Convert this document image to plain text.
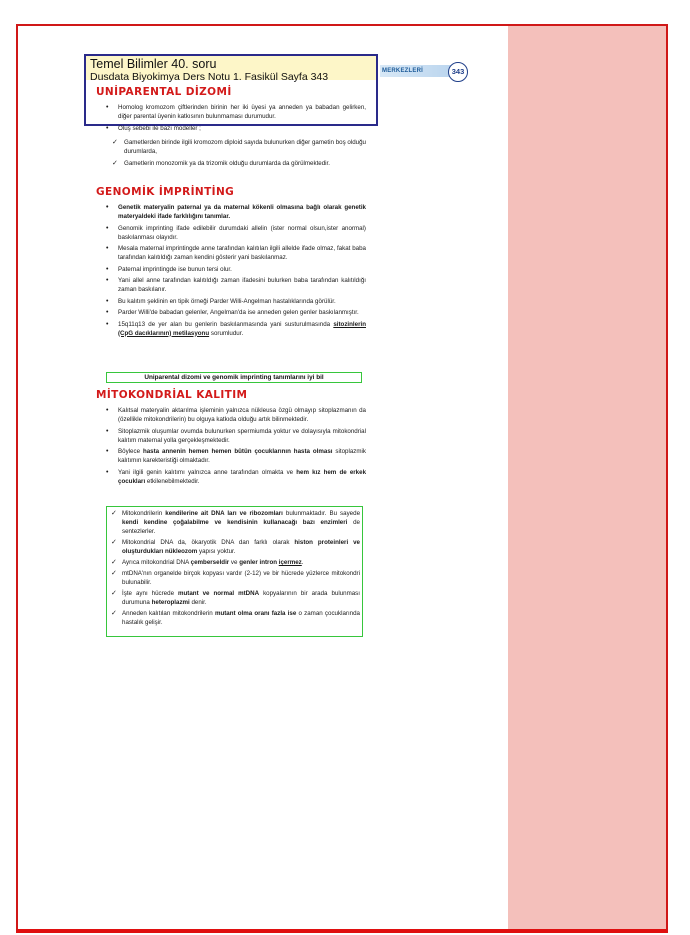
Temel Bilimler 40. soru
Dusdata Biyokimya Ders Notu 1. Fasikül Sayfa 343	MERKEZLERİ	343
UNİPARENTAL DİZOMİ
• Homolog kromozom çiftlerinden birinin her iki üyesi ya anneden ya babadan gelirken, diğer parental üyenin katkısının bulunmaması durumudur.
• Oluş sebebi ile bazı modeller ;
✓ Gametlerden birinde ilgili kromozom diploid sayıda bulunurken diğer gametin boş olduğu durumlarda,
✓ Gametlerin monozomik ya da trizomik olduğu durumlarda da görülmektedir.
GENOMİK İMPRİNTİNG
• Genetik materyalin paternal ya da maternal kökenli olmasına bağlı olarak genetik materyaldeki ifade farklılığını tanımlar.
• Genomik imprinting ifade edilebilir durumdaki allelin (ister normal olsun,ister anormal) baskılanması olayıdır.
• Mesala maternal imprintingde anne tarafından kalıtılan ilgili allelde ifade olmaz, fakat baba tarafından kalıtıldığı zaman kendini gösterir yani baskılanmaz.
• Paternal imprintingde ise bunun tersi olur.
• Yani allel anne tarafından kalıtıldığı zaman ifadesini bulurken baba tarafından kalıtıldığı zaman baskılanır.
• Bu kalıtım şeklinin en tipik örneği Parder Willi-Angelman hastalıklarında görülür.
• Parder Willi'de babadan gelenler, Angelman'da ise anneden gelen genler baskılanmıştır.
• 15q11q13 de yer alan bu genlerin baskılanmasında yani susturulmasında sitozinlerin (CpG dacıklarının) metilasyonu sorumludur.
Uniparental dizomi ve genomik imprinting tanımlarını iyi bil
MİTOKONDRİAL KALITIM
• Kalıtsal materyalin aktarılma işleminin yalnızca nükleusa özgü olmayıp sitoplazmanın da (özellikle mitokondrilerin) bu olguya katkıda olduğu artık bilinmektedir.
• Sitoplazmik oluşumlar ovumda bulunurken spermiumda yoktur ve dolayısıyla mitokondrial kalıtım maternal yolla gerçekleşmektedir.
• Böylece hasta annenin hemen hemen bütün çocuklarının hasta olması sitoplazmik kalıtımın karekteristiği olmaktadır.
• Yani ilgili genin kalıtımı yalnızca anne tarafından olmakta ve hem kız hem de erkek çocukları etkilenebilmektedir.
✓ Mitokondrilerin kendilerine ait DNA ları ve ribozomları bulunmaktadır. Bu sayede kendi kendine çoğalabilme ve kendisinin kullanacağı bazı enzimleri de sentezlerler.
✓ Mitokondrial DNA da, ökaryotik DNA dan farklı olarak histon proteinleri ve oluşturdukları nükleozom yapısı yoktur.
✓ Ayrıca mitokondrial DNA çemberseldir ve genler intron içermez.
✓ mtDNA'nın organelde birçok kopyası vardır (2-12) ve bir hücrede yüzlerce mitokondri bulunabilir.
✓ İşte aynı hücrede mutant ve normal mtDNA kopyalarının bir arada bulunması durumuna heteroplazmi denir.
✓ Anneden kalıtılan mitokondrilerin mutant olma oranı fazla ise o zaman çocuklarında hastalık gelişir.
